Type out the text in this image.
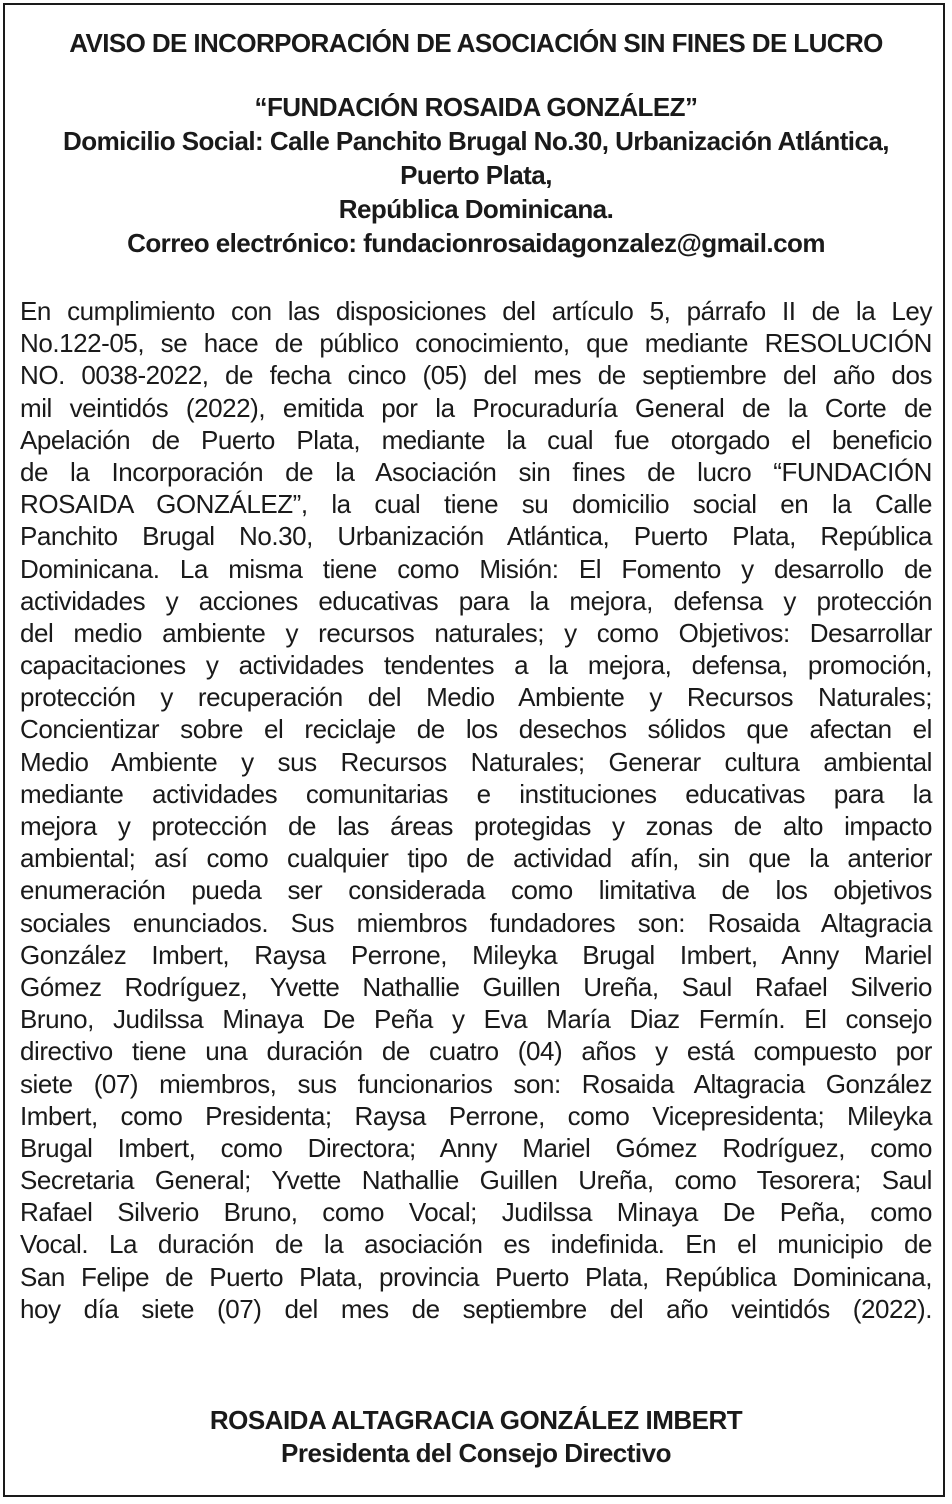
AVISO DE INCORPORACIÓN DE ASOCIACIÓN SIN FINES DE LUCRO
“FUNDACIÓN ROSAIDA GONZÁLEZ”
Domicilio Social: Calle Panchito Brugal No.30, Urbanización Atlántica,
Puerto Plata,
República Dominicana.
Correo electrónico: fundacionrosaidagonzalez@gmail.com
En cumplimiento con las disposiciones del artículo 5, párrafo II de la Ley
No.122-05, se hace de público conocimiento, que mediante RESOLUCIÓN
NO. 0038-2022, de fecha cinco (05) del mes de septiembre del año dos
mil veintidós (2022), emitida por la Procuraduría General de la Corte de
Apelación de Puerto Plata, mediante la cual fue otorgado el beneficio
de la Incorporación de la Asociación sin fines de lucro “FUNDACIÓN
ROSAIDA GONZÁLEZ”, la cual tiene su domicilio social en la Calle
Panchito Brugal No.30, Urbanización Atlántica, Puerto Plata, República
Dominicana. La misma tiene como Misión: El Fomento y desarrollo de
actividades y acciones educativas para la mejora, defensa y protección
del medio ambiente y recursos naturales; y como Objetivos: Desarrollar
capacitaciones y actividades tendentes a la mejora, defensa, promoción,
protección y recuperación del Medio Ambiente y Recursos Naturales;
Concientizar sobre el reciclaje de los desechos sólidos que afectan el
Medio Ambiente y sus Recursos Naturales; Generar cultura ambiental
mediante actividades comunitarias e instituciones educativas para la
mejora y protección de las áreas protegidas y zonas de alto impacto
ambiental; así como cualquier tipo de actividad afín, sin que la anterior
enumeración pueda ser considerada como limitativa de los objetivos
sociales enunciados. Sus miembros fundadores son: Rosaida Altagracia
González Imbert, Raysa Perrone, Mileyka Brugal Imbert, Anny Mariel
Gómez Rodríguez, Yvette Nathallie Guillen Ureña, Saul Rafael Silverio
Bruno, Judilssa Minaya De Peña y Eva María Diaz Fermín. El consejo
directivo tiene una duración de cuatro (04) años y está compuesto por
siete (07) miembros, sus funcionarios son: Rosaida Altagracia González
Imbert, como Presidenta; Raysa Perrone, como Vicepresidenta; Mileyka
Brugal Imbert, como Directora; Anny Mariel Gómez Rodríguez, como
Secretaria General; Yvette Nathallie Guillen Ureña, como Tesorera; Saul
Rafael Silverio Bruno, como Vocal; Judilssa Minaya De Peña, como
Vocal. La duración de la asociación es indefinida. En el municipio de
San Felipe de Puerto Plata, provincia Puerto Plata, República Dominicana,
hoy día siete (07) del mes de septiembre del año veintidós (2022).
ROSAIDA ALTAGRACIA GONZÁLEZ IMBERT
Presidenta del Consejo Directivo
